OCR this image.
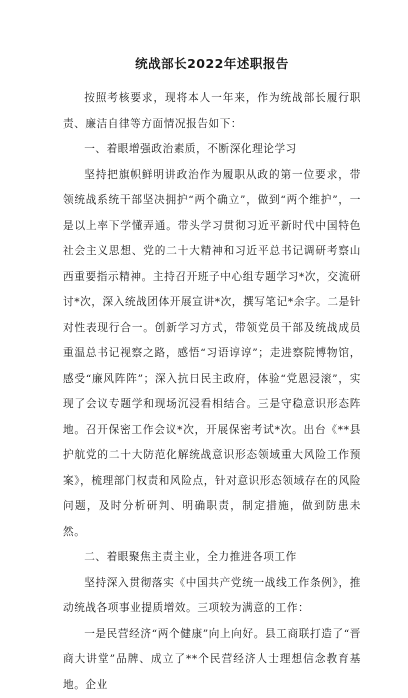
统战部长2022年述职报告

按照考核要求，现将本人一年来，作为统战部长履行职责、廉洁自律等方面情况报告如下：

一、着眼增强政治素质，不断深化理论学习

坚持把旗帜鲜明讲政治作为履职从政的第一位要求，带领统战系统干部坚决拥护“两个确立”，做到“两个维护”，一是以上率下学懂弄通。带头学习贯彻习近平新时代中国特色社会主义思想、党的二十大精神和习近平总书记调研考察山西重要指示精神。主持召开班子中心组专题学习*次，交流研讨*次，深入统战团体开展宣讲*次，撰写笔记*余字。二是针对性表现行合一。创新学习方式，带领党员干部及统战成员重温总书记视察之路，感悟“习语谆谆”；走进察院博物馆，感受“廉风阵阵”；深入抗日民主政府，体验“党恩浸滚”，实现了会议专题学和现场沉浸看相结合。三是守稳意识形态阵地。召开保密工作会议*次，开展保密考试*次。出台《**县护航党的二十大防范化解统战意识形态领域重大风险工作预案》，梳理部门权责和风险点，针对意识形态领域存在的风险问题，及时分析研判、明确职责，制定措施，做到防患未然。

二、着眼聚焦主责主业，全力推进各项工作

坚持深入贯彻落实《中国共产党统一战线工作条例》，推动统战各项事业提质增效。三项较为满意的工作：

一是民营经济“两个健康”向上向好。县工商联打造了“晋商大讲堂”品牌、成立了**个民营经济人士理想信念教育基地。企业
